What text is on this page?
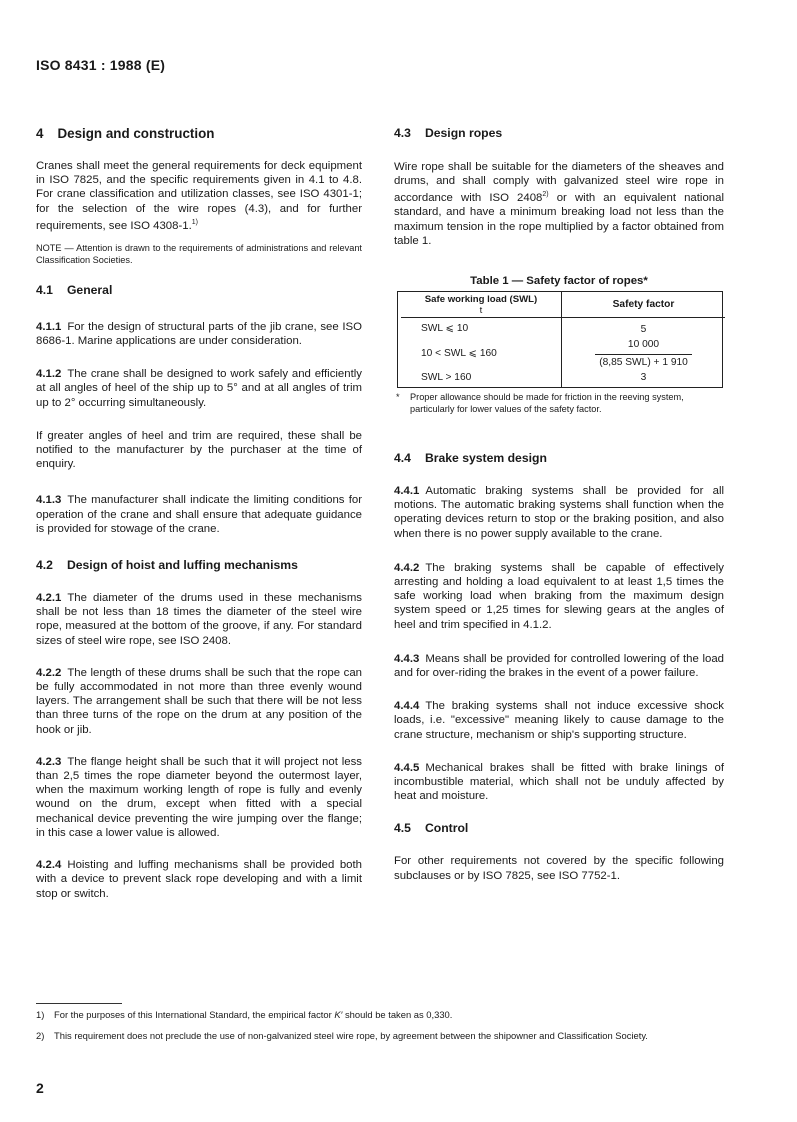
ISO 8431 : 1988 (E)
4 Design and construction

Cranes shall meet the general requirements for deck equipment in ISO 7825, and the specific requirements given in 4.1 to 4.8. For crane classification and utilization classes, see ISO 4301-1; for the selection of the wire ropes (4.3), and for further requirements, see ISO 4308-1.$^{1)}$

NOTE — Attention is drawn to the requirements of administrations and relevant Classification Societies.

4.1 General

4.1.1 For the design of structural parts of the jib crane, see ISO 8686-1. Marine applications are under consideration.

4.1.2 The crane shall be designed to work safely and efficiently at all angles of heel of the ship up to 5° and at all angles of trim up to 2° occurring simultaneously.

If greater angles of heel and trim are required, these shall be notified to the manufacturer by the purchaser at the time of enquiry.

4.1.3 The manufacturer shall indicate the limiting conditions for operation of the crane and shall ensure that adequate guidance is provided for stowage of the crane.

4.2 Design of hoist and luffing mechanisms

4.2.1 The diameter of the drums used in these mechanisms shall be not less than 18 times the diameter of the steel wire rope, measured at the bottom of the groove, if any. For standard sizes of steel wire rope, see ISO 2408.

4.2.2 The length of these drums shall be such that the rope can be fully accommodated in not more than three evenly wound layers. The arrangement shall be such that there will be not less than three turns of the rope on the drum at any position of the hook or jib.

4.2.3 The flange height shall be such that it will project not less than 2,5 times the rope diameter beyond the outermost layer, when the maximum working length of rope is fully and evenly wound on the drum, except when fitted with a special mechanical device preventing the wire jumping over the flange; in this case a lower value is allowed.

4.2.4 Hoisting and luffing mechanisms shall be provided both with a device to prevent slack rope developing and with a limit stop or switch.

4.3 Design ropes

Wire rope shall be suitable for the diameters of the sheaves and drums, and shall comply with galvanized steel wire rope in accordance with ISO 2408$^{2)}$ or with an equivalent national standard, and have a minimum breaking load not less than the maximum tension in the rope multiplied by a factor obtained from table 1.

Table 1 — Safety factor of ropes*

Safe working load (SWL)
t	Safety factor
SWL ⩽ 10	5
10 < SWL ⩽ 160	10 000
(8,85 SWL) + 1 910

SWL > 160	3
*	Proper allowance should be made for friction in the reeving system, particularly for lower values of the safety factor.
4.4 Brake system design

4.4.1 Automatic braking systems shall be provided for all motions. The automatic braking systems shall function when the operating devices return to stop or the braking position, and also when there is no power supply available to the crane.

4.4.2 The braking systems shall be capable of effectively arresting and holding a load equivalent to at least 1,5 times the safe working load when braking from the maximum design system speed or 1,25 times for slewing gears at the angles of heel and trim specified in 4.1.2.

4.4.3 Means shall be provided for controlled lowering of the load and for over-riding the brakes in the event of a power failure.

4.4.4 The braking systems shall not induce excessive shock loads, i.e. "excessive" meaning likely to cause damage to the crane structure, mechanism or ship's supporting structure.

4.4.5 Mechanical brakes shall be fitted with brake linings of incombustible material, which shall not be unduly affected by heat and moisture.

4.5 Control

For other requirements not covered by the specific following subclauses or by ISO 7825, see ISO 7752-1.

1) For the purposes of this International Standard, the empirical factor K′ should be taken as 0,330.
2) This requirement does not preclude the use of non-galvanized steel wire rope, by agreement between the shipowner and Classification Society.
2
